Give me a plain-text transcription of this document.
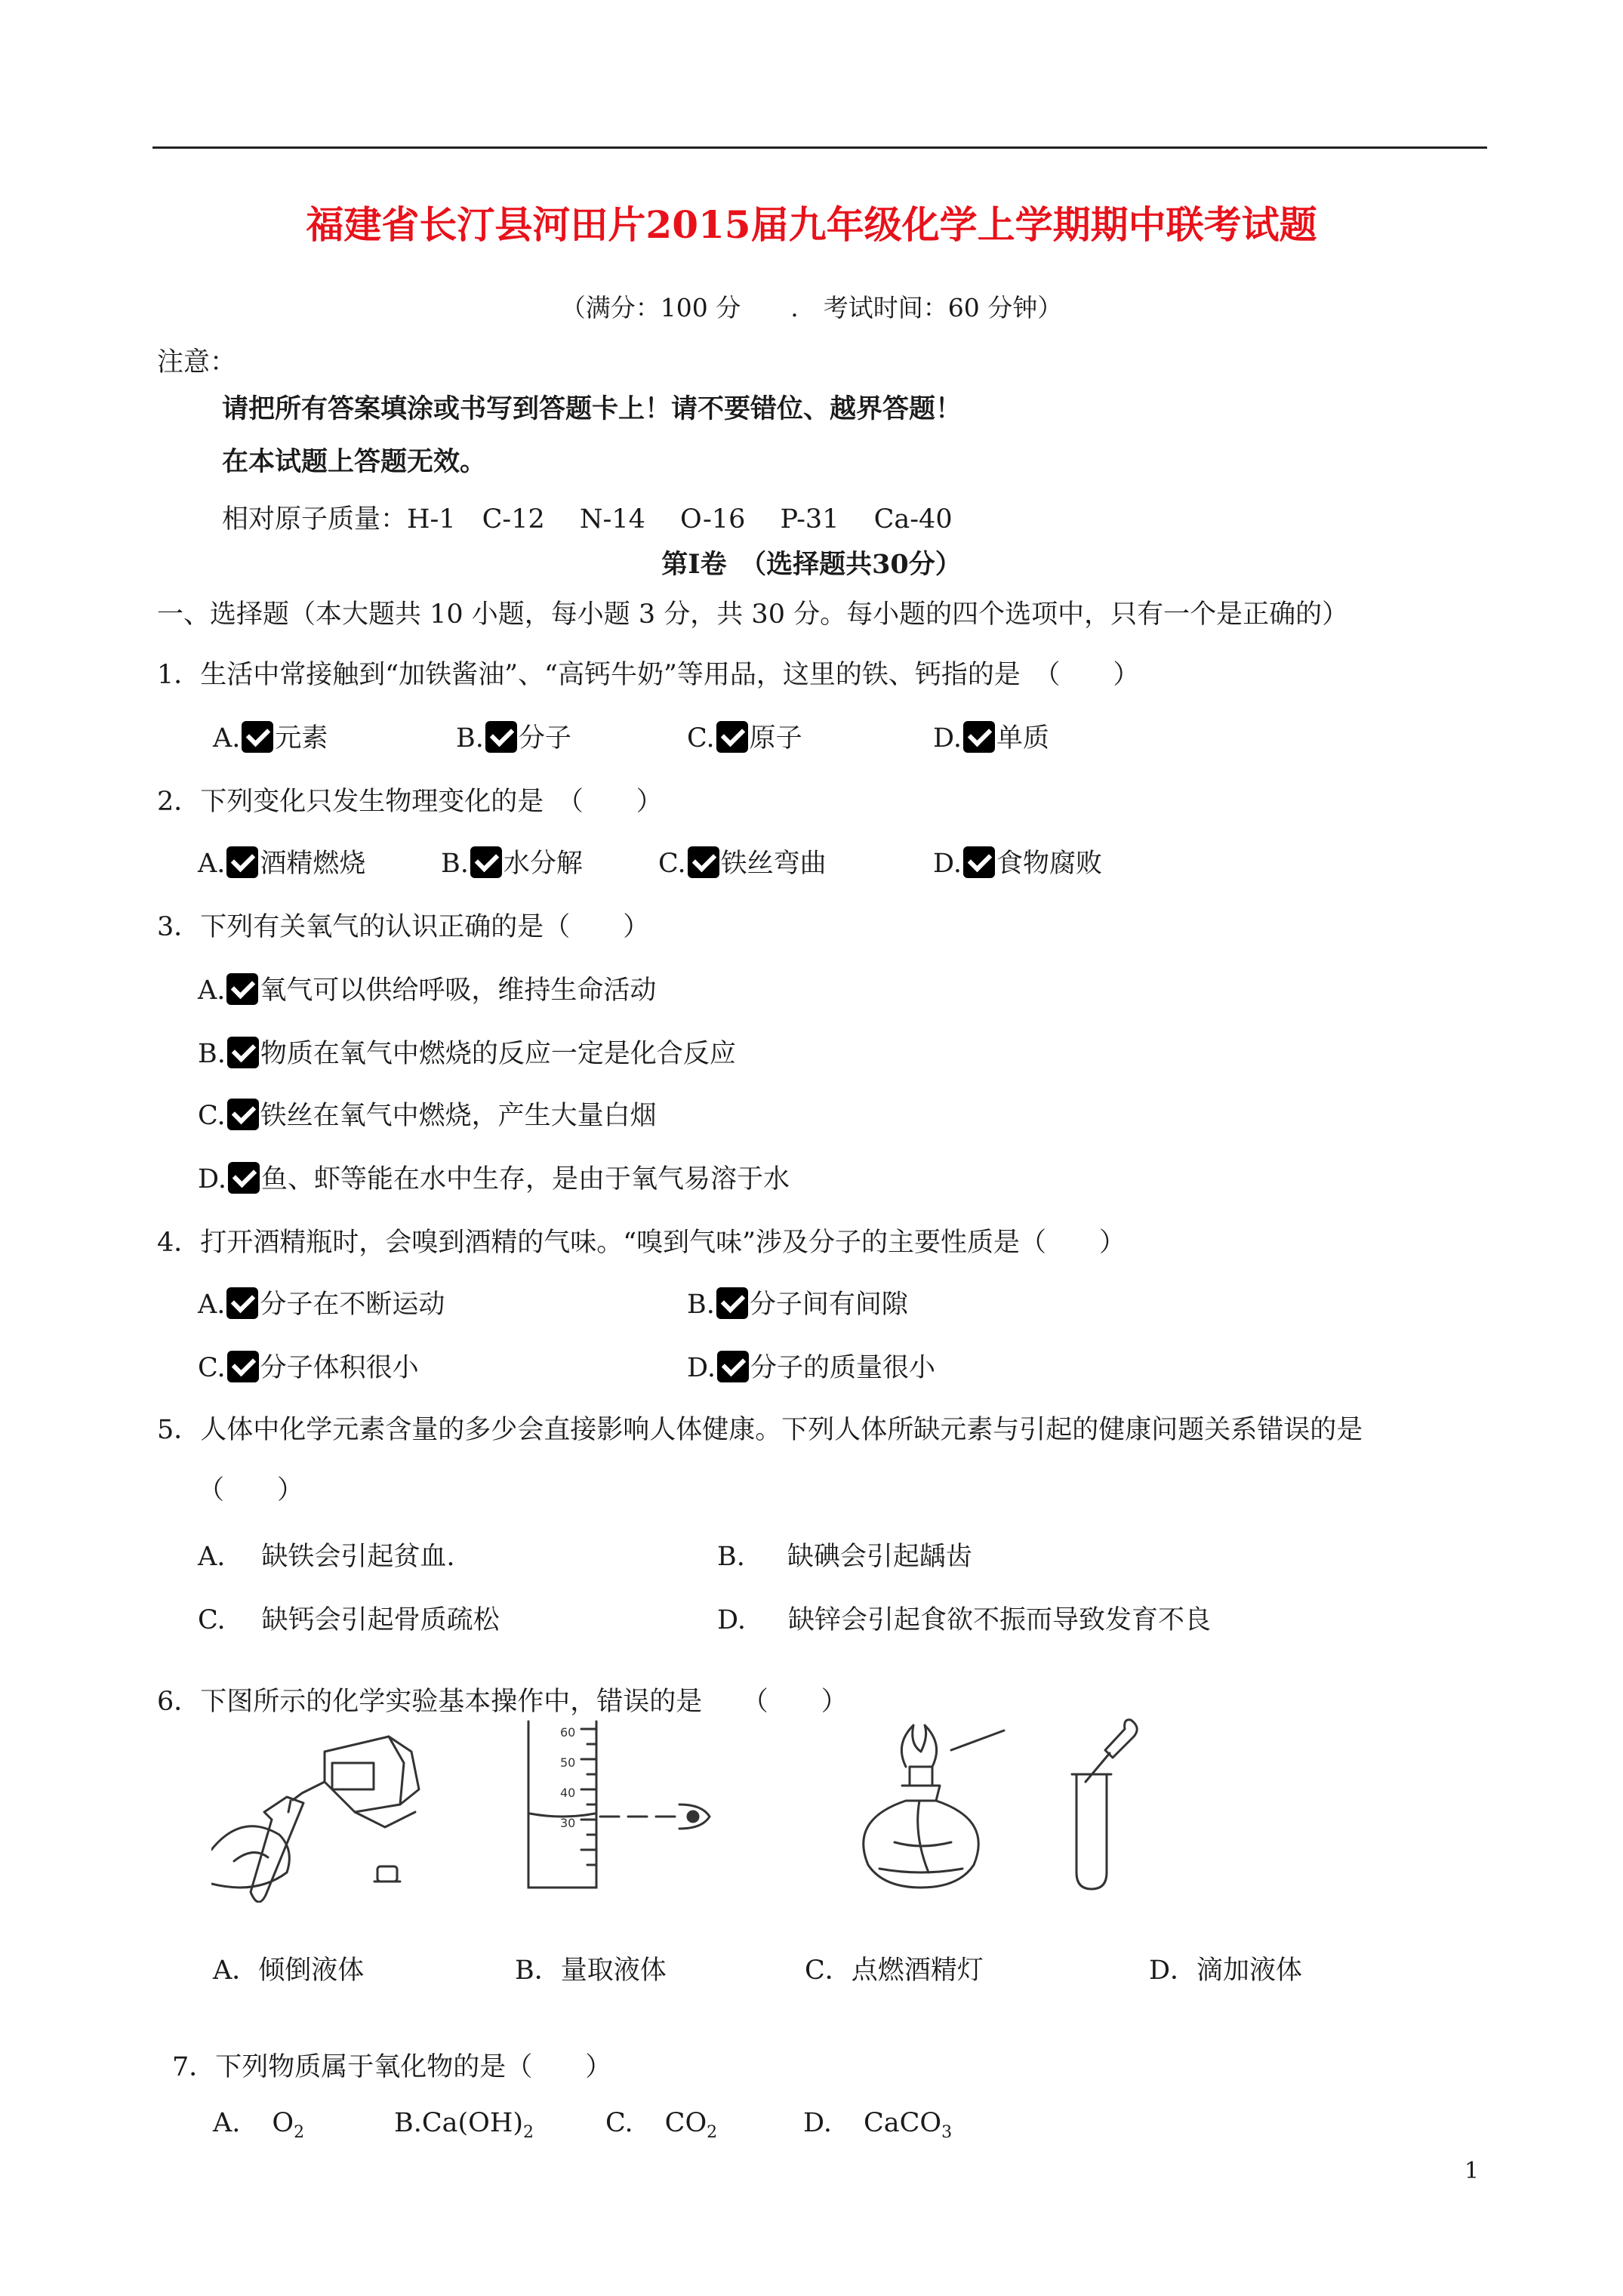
福建省长汀县河田片2015届九年级化学上学期期中联考试题
（满分：100 分　　.　考试时间：60 分钟）
注意：
请把所有答案填涂或书写到答题卡上！请不要错位、越界答题！
在本试题上答题无效。
相对原子质量：H-1　C-12　 N-14　 O-16　 P-31　 Ca-40
第Ⅰ卷　（选择题共30分）
一、选择题（本大题共 10 小题，每小题 3 分，共 30 分。每小题的四个选项中，只有一个是正确的）
1．生活中常接触到“加铁酱油”、“高钙牛奶”等用品，这里的铁、钙指的是　（　　）
A. 元素	B. 分子	C. 原子	D. 单质
2．下列变化只发生物理变化的是　（　　）
A. 酒精燃烧	B. 水分解	C. 铁丝弯曲	D. 食物腐败
3．下列有关氧气的认识正确的是（　　）
A. 氧气可以供给呼吸，维持生命活动
B. 物质在氧气中燃烧的反应一定是化合反应
C. 铁丝在氧气中燃烧，产生大量白烟
D. 鱼、虾等能在水中生存，是由于氧气易溶于水
4．打开酒精瓶时，会嗅到酒精的气味。“嗅到气味”涉及分子的主要性质是（　　）
A. 分子在不断运动	B. 分子间有间隙
C. 分子体积很小	D. 分子的质量很小
5．人体中化学元素含量的多少会直接影响人体健康。下列人体所缺元素与引起的健康问题关系错误的是
（　　）
A. 缺铁会引起贫血.	B. 缺碘会引起龋齿
C. 缺钙会引起骨质疏松	D. 缺锌会引起食欲不振而导致发育不良
6．下图所示的化学实验基本操作中，错误的是　　（　　）
60
50
40
30
A．倾倒液体	B．量取液体	C．点燃酒精灯	D．滴加液体
7．下列物质属于氧化物的是（　　）
A. $O_2$	$B.Ca(OH)_2$	C. $CO_2$	D. CaCO$_3$
1
